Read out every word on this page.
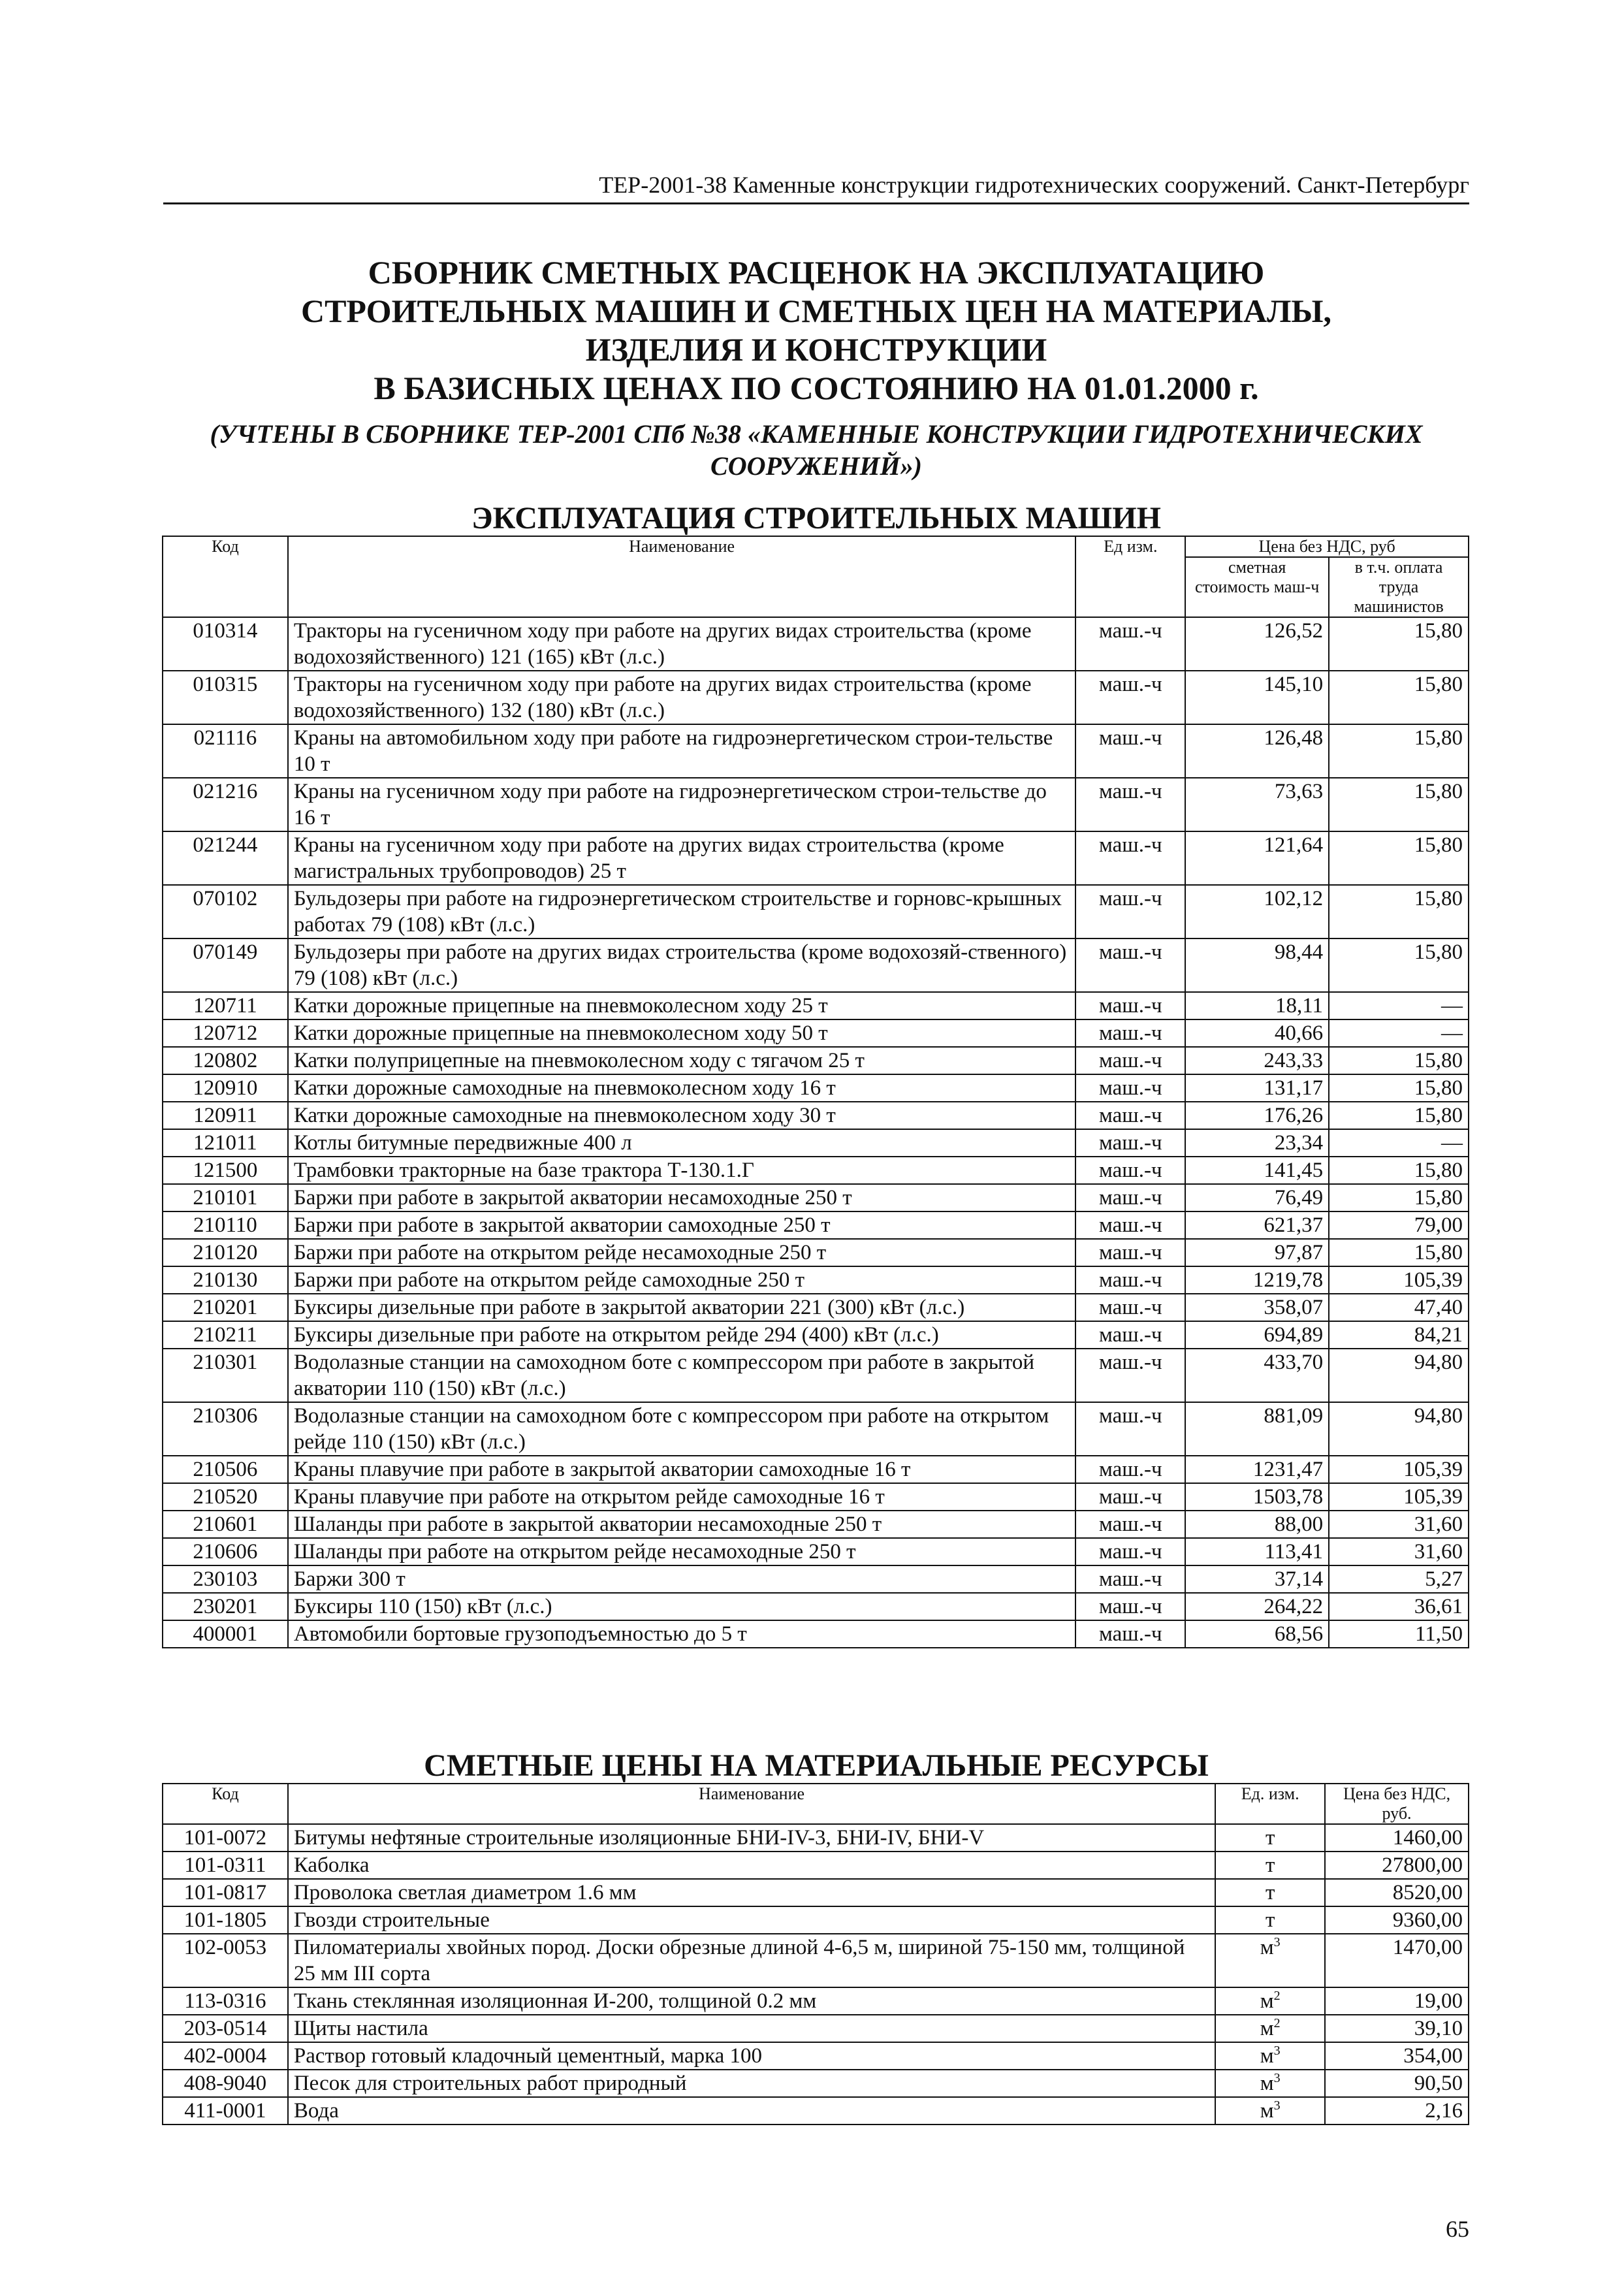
ТЕР-2001-38 Каменные конструкции гидротехнических сооружений. Санкт-Петербург
СБОРНИК СМЕТНЫХ РАСЦЕНОК НА ЭКСПЛУАТАЦИЮ
СТРОИТЕЛЬНЫХ МАШИН И СМЕТНЫХ ЦЕН НА МАТЕРИАЛЫ,
ИЗДЕЛИЯ И КОНСТРУКЦИИ
В БАЗИСНЫХ ЦЕНАХ ПО СОСТОЯНИЮ НА 01.01.2000 г.
(УЧТЕНЫ В СБОРНИКЕ ТЕР-2001 СПб №38 «КАМЕННЫЕ КОНСТРУКЦИИ ГИДРОТЕХНИЧЕСКИХ
СООРУЖЕНИЙ»)
ЭКСПЛУАТАЦИЯ СТРОИТЕЛЬНЫХ МАШИН
Код	Наименование	Ед изм.	Цена без НДС, руб	
			сметная стоимость маш-ч	в т.ч. оплата труда машинистов
010314	Тракторы на гусеничном ходу при работе на других видах строительства (кроме водохозяйственного) 121 (165) кВт (л.с.)	маш.-ч	126,52	15,80
010315	Тракторы на гусеничном ходу при работе на других видах строительства (кроме водохозяйственного) 132 (180) кВт (л.с.)	маш.-ч	145,10	15,80
021116	Краны на автомобильном ходу при работе на гидроэнергетическом строи-тельстве 10 т	маш.-ч	126,48	15,80
021216	Краны на гусеничном ходу при работе на гидроэнергетическом строи-тельстве до 16 т	маш.-ч	73,63	15,80
021244	Краны на гусеничном ходу при работе на других видах строительства (кроме магистральных трубопроводов) 25 т	маш.-ч	121,64	15,80
070102	Бульдозеры при работе на гидроэнергетическом строительстве и горновс-крышных работах 79 (108) кВт (л.с.)	маш.-ч	102,12	15,80
070149	Бульдозеры при работе на других видах строительства (кроме водохозяй-ственного) 79 (108) кВт (л.с.)	маш.-ч	98,44	15,80
120711	Катки дорожные прицепные на пневмоколесном ходу 25 т	маш.-ч	18,11	—
120712	Катки дорожные прицепные на пневмоколесном ходу 50 т	маш.-ч	40,66	—
120802	Катки полуприцепные на пневмоколесном ходу с тягачом 25 т	маш.-ч	243,33	15,80
120910	Катки дорожные самоходные на пневмоколесном ходу 16 т	маш.-ч	131,17	15,80
120911	Катки дорожные самоходные на пневмоколесном ходу 30 т	маш.-ч	176,26	15,80
121011	Котлы битумные передвижные 400 л	маш.-ч	23,34	—
121500	Трамбовки тракторные на базе трактора Т-130.1.Г	маш.-ч	141,45	15,80
210101	Баржи при работе в закрытой акватории несамоходные 250 т	маш.-ч	76,49	15,80
210110	Баржи при работе в закрытой акватории самоходные 250 т	маш.-ч	621,37	79,00
210120	Баржи при работе на открытом рейде несамоходные 250 т	маш.-ч	97,87	15,80
210130	Баржи при работе на открытом рейде самоходные 250 т	маш.-ч	1219,78	105,39
210201	Буксиры дизельные при работе в закрытой акватории 221 (300) кВт (л.с.)	маш.-ч	358,07	47,40
210211	Буксиры дизельные при работе на открытом рейде 294 (400) кВт (л.с.)	маш.-ч	694,89	84,21
210301	Водолазные станции на самоходном боте с компрессором при работе в закрытой акватории 110 (150) кВт (л.с.)	маш.-ч	433,70	94,80
210306	Водолазные станции на самоходном боте с компрессором при работе на открытом рейде 110 (150) кВт (л.с.)	маш.-ч	881,09	94,80
210506	Краны плавучие при работе в закрытой акватории самоходные 16 т	маш.-ч	1231,47	105,39
210520	Краны плавучие при работе на открытом рейде самоходные 16 т	маш.-ч	1503,78	105,39
210601	Шаланды при работе в закрытой акватории несамоходные 250 т	маш.-ч	88,00	31,60
210606	Шаланды при работе на открытом рейде несамоходные 250 т	маш.-ч	113,41	31,60
230103	Баржи 300 т	маш.-ч	37,14	5,27
230201	Буксиры 110 (150) кВт (л.с.)	маш.-ч	264,22	36,61
400001	Автомобили бортовые грузоподъемностью до 5 т	маш.-ч	68,56	11,50
СМЕТНЫЕ ЦЕНЫ НА МАТЕРИАЛЬНЫЕ РЕСУРСЫ
Код	Наименование	Ед. изм.	Цена без НДС, руб.
101-0072	Битумы нефтяные строительные изоляционные БНИ-IV-3, БНИ-IV, БНИ-V	т	1460,00
101-0311	Каболка	т	27800,00
101-0817	Проволока светлая диаметром 1.6 мм	т	8520,00
101-1805	Гвозди строительные	т	9360,00
102-0053	Пиломатериалы хвойных пород. Доски обрезные длиной 4-6,5 м, шириной 75-150 мм, толщиной 25 мм III сорта	$м^3$	1470,00
113-0316	Ткань стеклянная изоляционная И-200, толщиной 0.2 мм	$м^2$	19,00
203-0514	Щиты настила	$м^2$	39,10
402-0004	Раствор готовый кладочный цементный, марка 100	$м^3$	354,00
408-9040	Песок для строительных работ природный	$м^3$	90,50
411-0001	Вода	$м^3$	2,16
65
